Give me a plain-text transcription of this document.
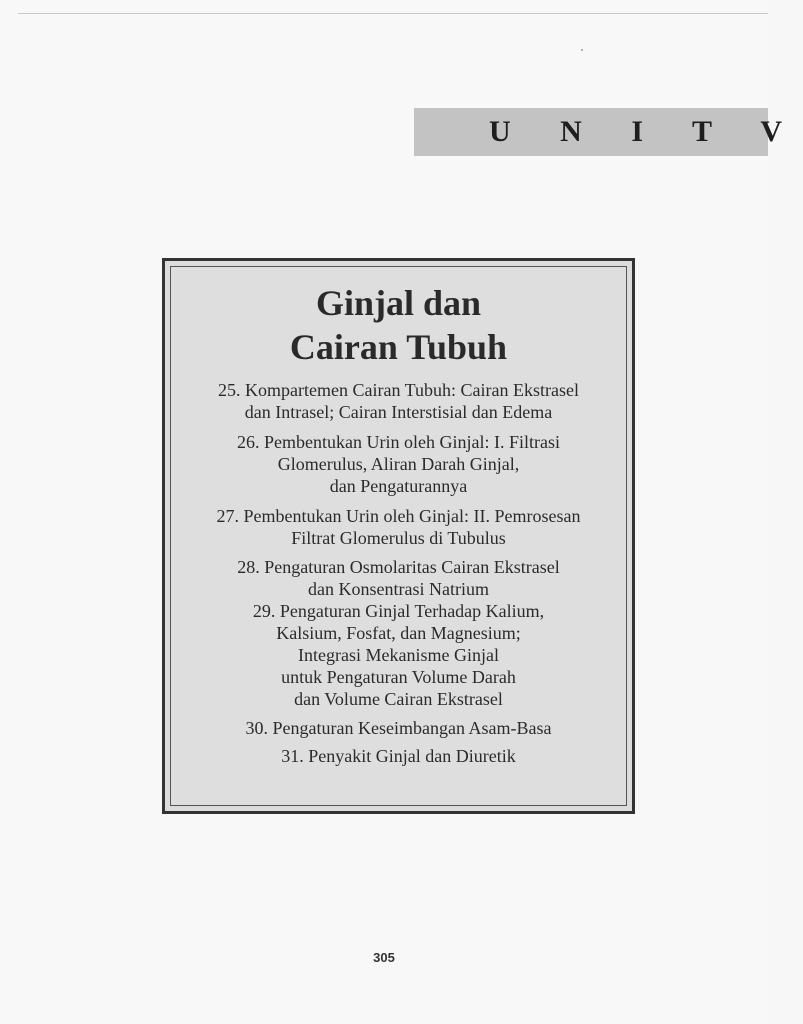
U N I T V
Ginjal dan
Cairan Tubuh
25. Kompartemen Cairan Tubuh: Cairan Ekstrasel
dan Intrasel; Cairan Interstisial dan Edema
26. Pembentukan Urin oleh Ginjal: I. Filtrasi
Glomerulus, Aliran Darah Ginjal,
dan Pengaturannya
27. Pembentukan Urin oleh Ginjal: II. Pemrosesan
Filtrat Glomerulus di Tubulus
28. Pengaturan Osmolaritas Cairan Ekstrasel
dan Konsentrasi Natrium
29. Pengaturan Ginjal Terhadap Kalium,
Kalsium, Fosfat, dan Magnesium;
Integrasi Mekanisme Ginjal
untuk Pengaturan Volume Darah
dan Volume Cairan Ekstrasel
30. Pengaturan Keseimbangan Asam-Basa
31. Penyakit Ginjal dan Diuretik
305
